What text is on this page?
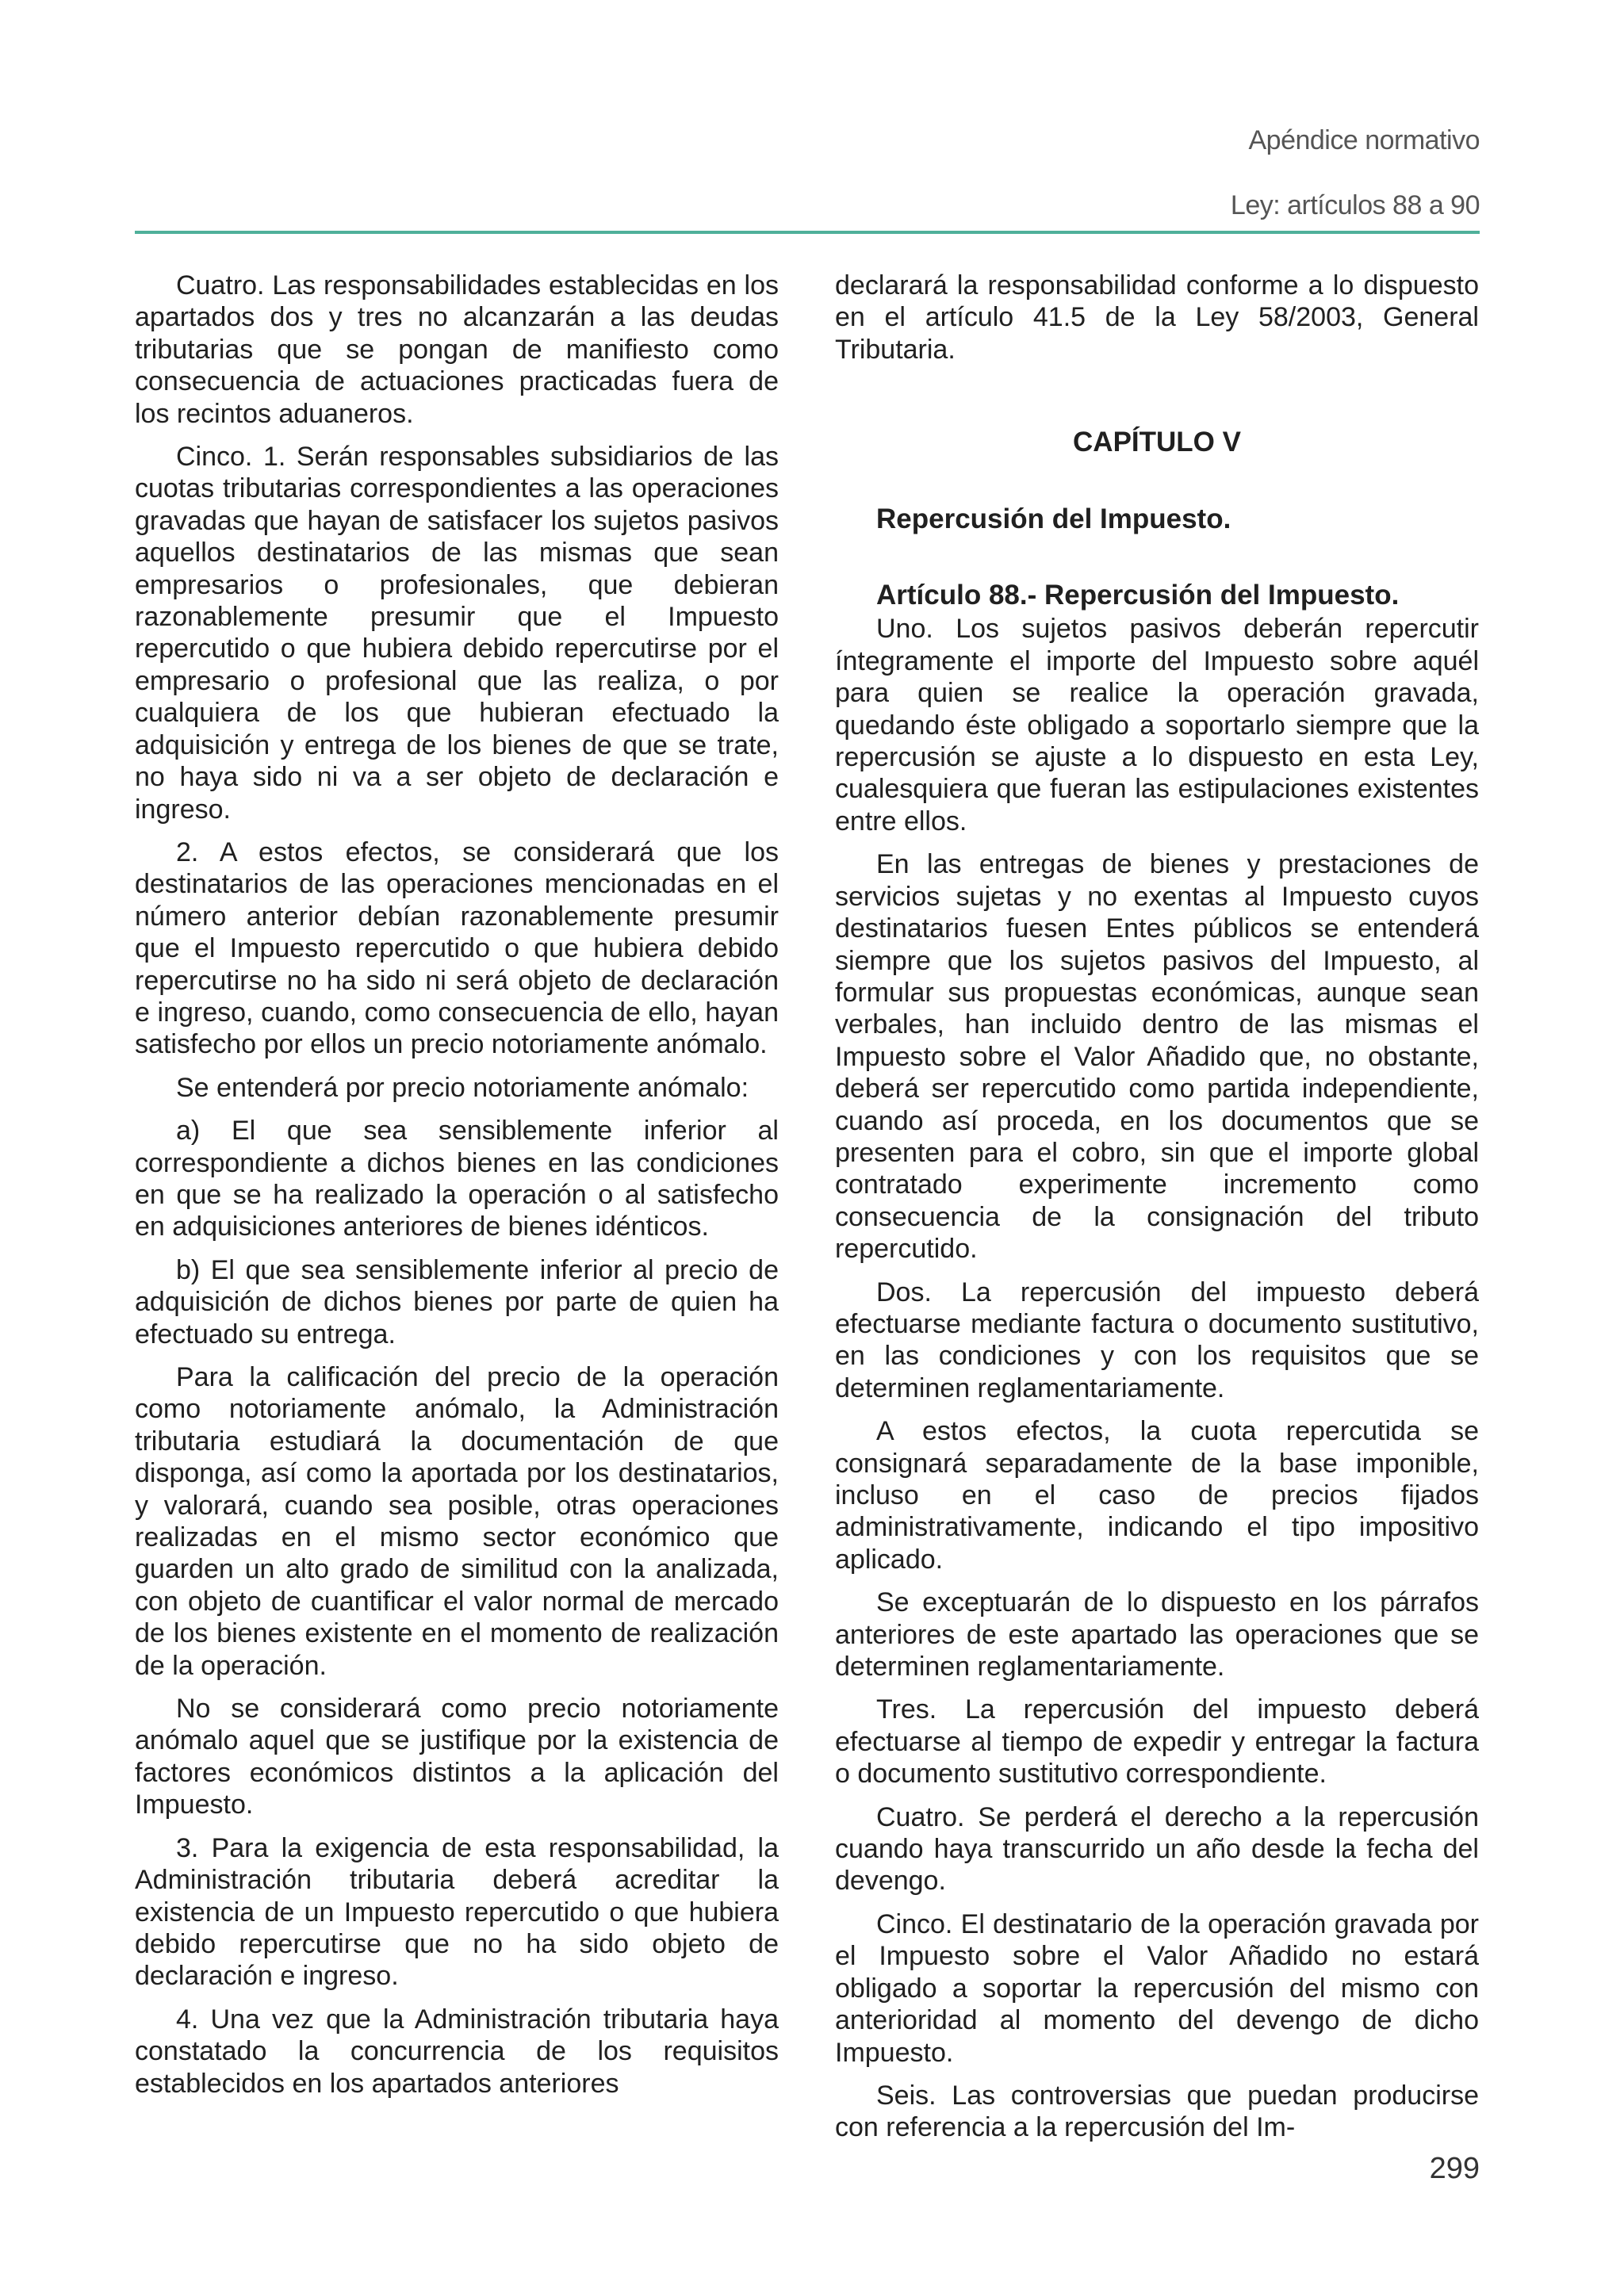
Apéndice normativo
Ley: artículos 88 a 90

Cuatro. Las responsabilidades establecidas en los apartados dos y tres no alcanzarán a las deudas tributarias que se pongan de manifiesto como consecuencia de actuaciones practicadas fuera de los recintos aduaneros.

Cinco. 1. Serán responsables subsidiarios de las cuotas tributarias correspondientes a las operaciones gravadas que hayan de satisfacer los sujetos pasivos aquellos destinatarios de las mismas que sean empresarios o profesionales, que debieran razonablemente presumir que el Impuesto repercutido o que hubiera debido repercutirse por el empresario o profesional que las realiza, o por cualquiera de los que hubieran efectuado la adquisición y entrega de los bienes de que se trate, no haya sido ni va a ser objeto de declaración e ingreso.

2. A estos efectos, se considerará que los destinatarios de las operaciones mencionadas en el número anterior debían razonablemente presumir que el Impuesto repercutido o que hubiera debido repercutirse no ha sido ni será objeto de declaración e ingreso, cuando, como consecuencia de ello, hayan satisfecho por ellos un precio notoriamente anómalo.

Se entenderá por precio notoriamente anómalo:

a) El que sea sensiblemente inferior al correspondiente a dichos bienes en las condiciones en que se ha realizado la operación o al satisfecho en adquisiciones anteriores de bienes idénticos.

b) El que sea sensiblemente inferior al precio de adquisición de dichos bienes por parte de quien ha efectuado su entrega.

Para la calificación del precio de la operación como notoriamente anómalo, la Administración tributaria estudiará la documentación de que disponga, así como la aportada por los destinatarios, y valorará, cuando sea posible, otras operaciones realizadas en el mismo sector económico que guarden un alto grado de similitud con la analizada, con objeto de cuantificar el valor normal de mercado de los bienes existente en el momento de realización de la operación.

No se considerará como precio notoriamente anómalo aquel que se justifique por la existencia de factores económicos distintos a la aplicación del Impuesto.

3. Para la exigencia de esta responsabilidad, la Administración tributaria deberá acreditar la existencia de un Impuesto repercutido o que hubiera debido repercutirse que no ha sido objeto de declaración e ingreso.

4. Una vez que la Administración tributaria haya constatado la concurrencia de los requisitos establecidos en los apartados anteriores

declarará la responsabilidad conforme a lo dispuesto en el artículo 41.5 de la Ley 58/2003, General Tributaria.

CAPÍTULO V
Repercusión del Impuesto.
Artículo 88.- Repercusión del Impuesto.

Uno. Los sujetos pasivos deberán repercutir íntegramente el importe del Impuesto sobre aquél para quien se realice la operación gravada, quedando éste obligado a soportarlo siempre que la repercusión se ajuste a lo dispuesto en esta Ley, cualesquiera que fueran las estipulaciones existentes entre ellos.

En las entregas de bienes y prestaciones de servicios sujetas y no exentas al Impuesto cuyos destinatarios fuesen Entes públicos se entenderá siempre que los sujetos pasivos del Impuesto, al formular sus propuestas económicas, aunque sean verbales, han incluido dentro de las mismas el Impuesto sobre el Valor Añadido que, no obstante, deberá ser repercutido como partida independiente, cuando así proceda, en los documentos que se presenten para el cobro, sin que el importe global contratado experimente incremento como consecuencia de la consignación del tributo repercutido.

Dos. La repercusión del impuesto deberá efectuarse mediante factura o documento sustitutivo, en las condiciones y con los requisitos que se determinen reglamentariamente.

A estos efectos, la cuota repercutida se consignará separadamente de la base imponible, incluso en el caso de precios fijados administrativamente, indicando el tipo impositivo aplicado.

Se exceptuarán de lo dispuesto en los párrafos anteriores de este apartado las operaciones que se determinen reglamentariamente.

Tres. La repercusión del impuesto deberá efectuarse al tiempo de expedir y entregar la factura o documento sustitutivo correspondiente.

Cuatro. Se perderá el derecho a la repercusión cuando haya transcurrido un año desde la fecha del devengo.

Cinco. El destinatario de la operación gravada por el Impuesto sobre el Valor Añadido no estará obligado a soportar la repercusión del mismo con anterioridad al momento del devengo de dicho Impuesto.

Seis. Las controversias que puedan producirse con referencia a la repercusión del Im-

299
